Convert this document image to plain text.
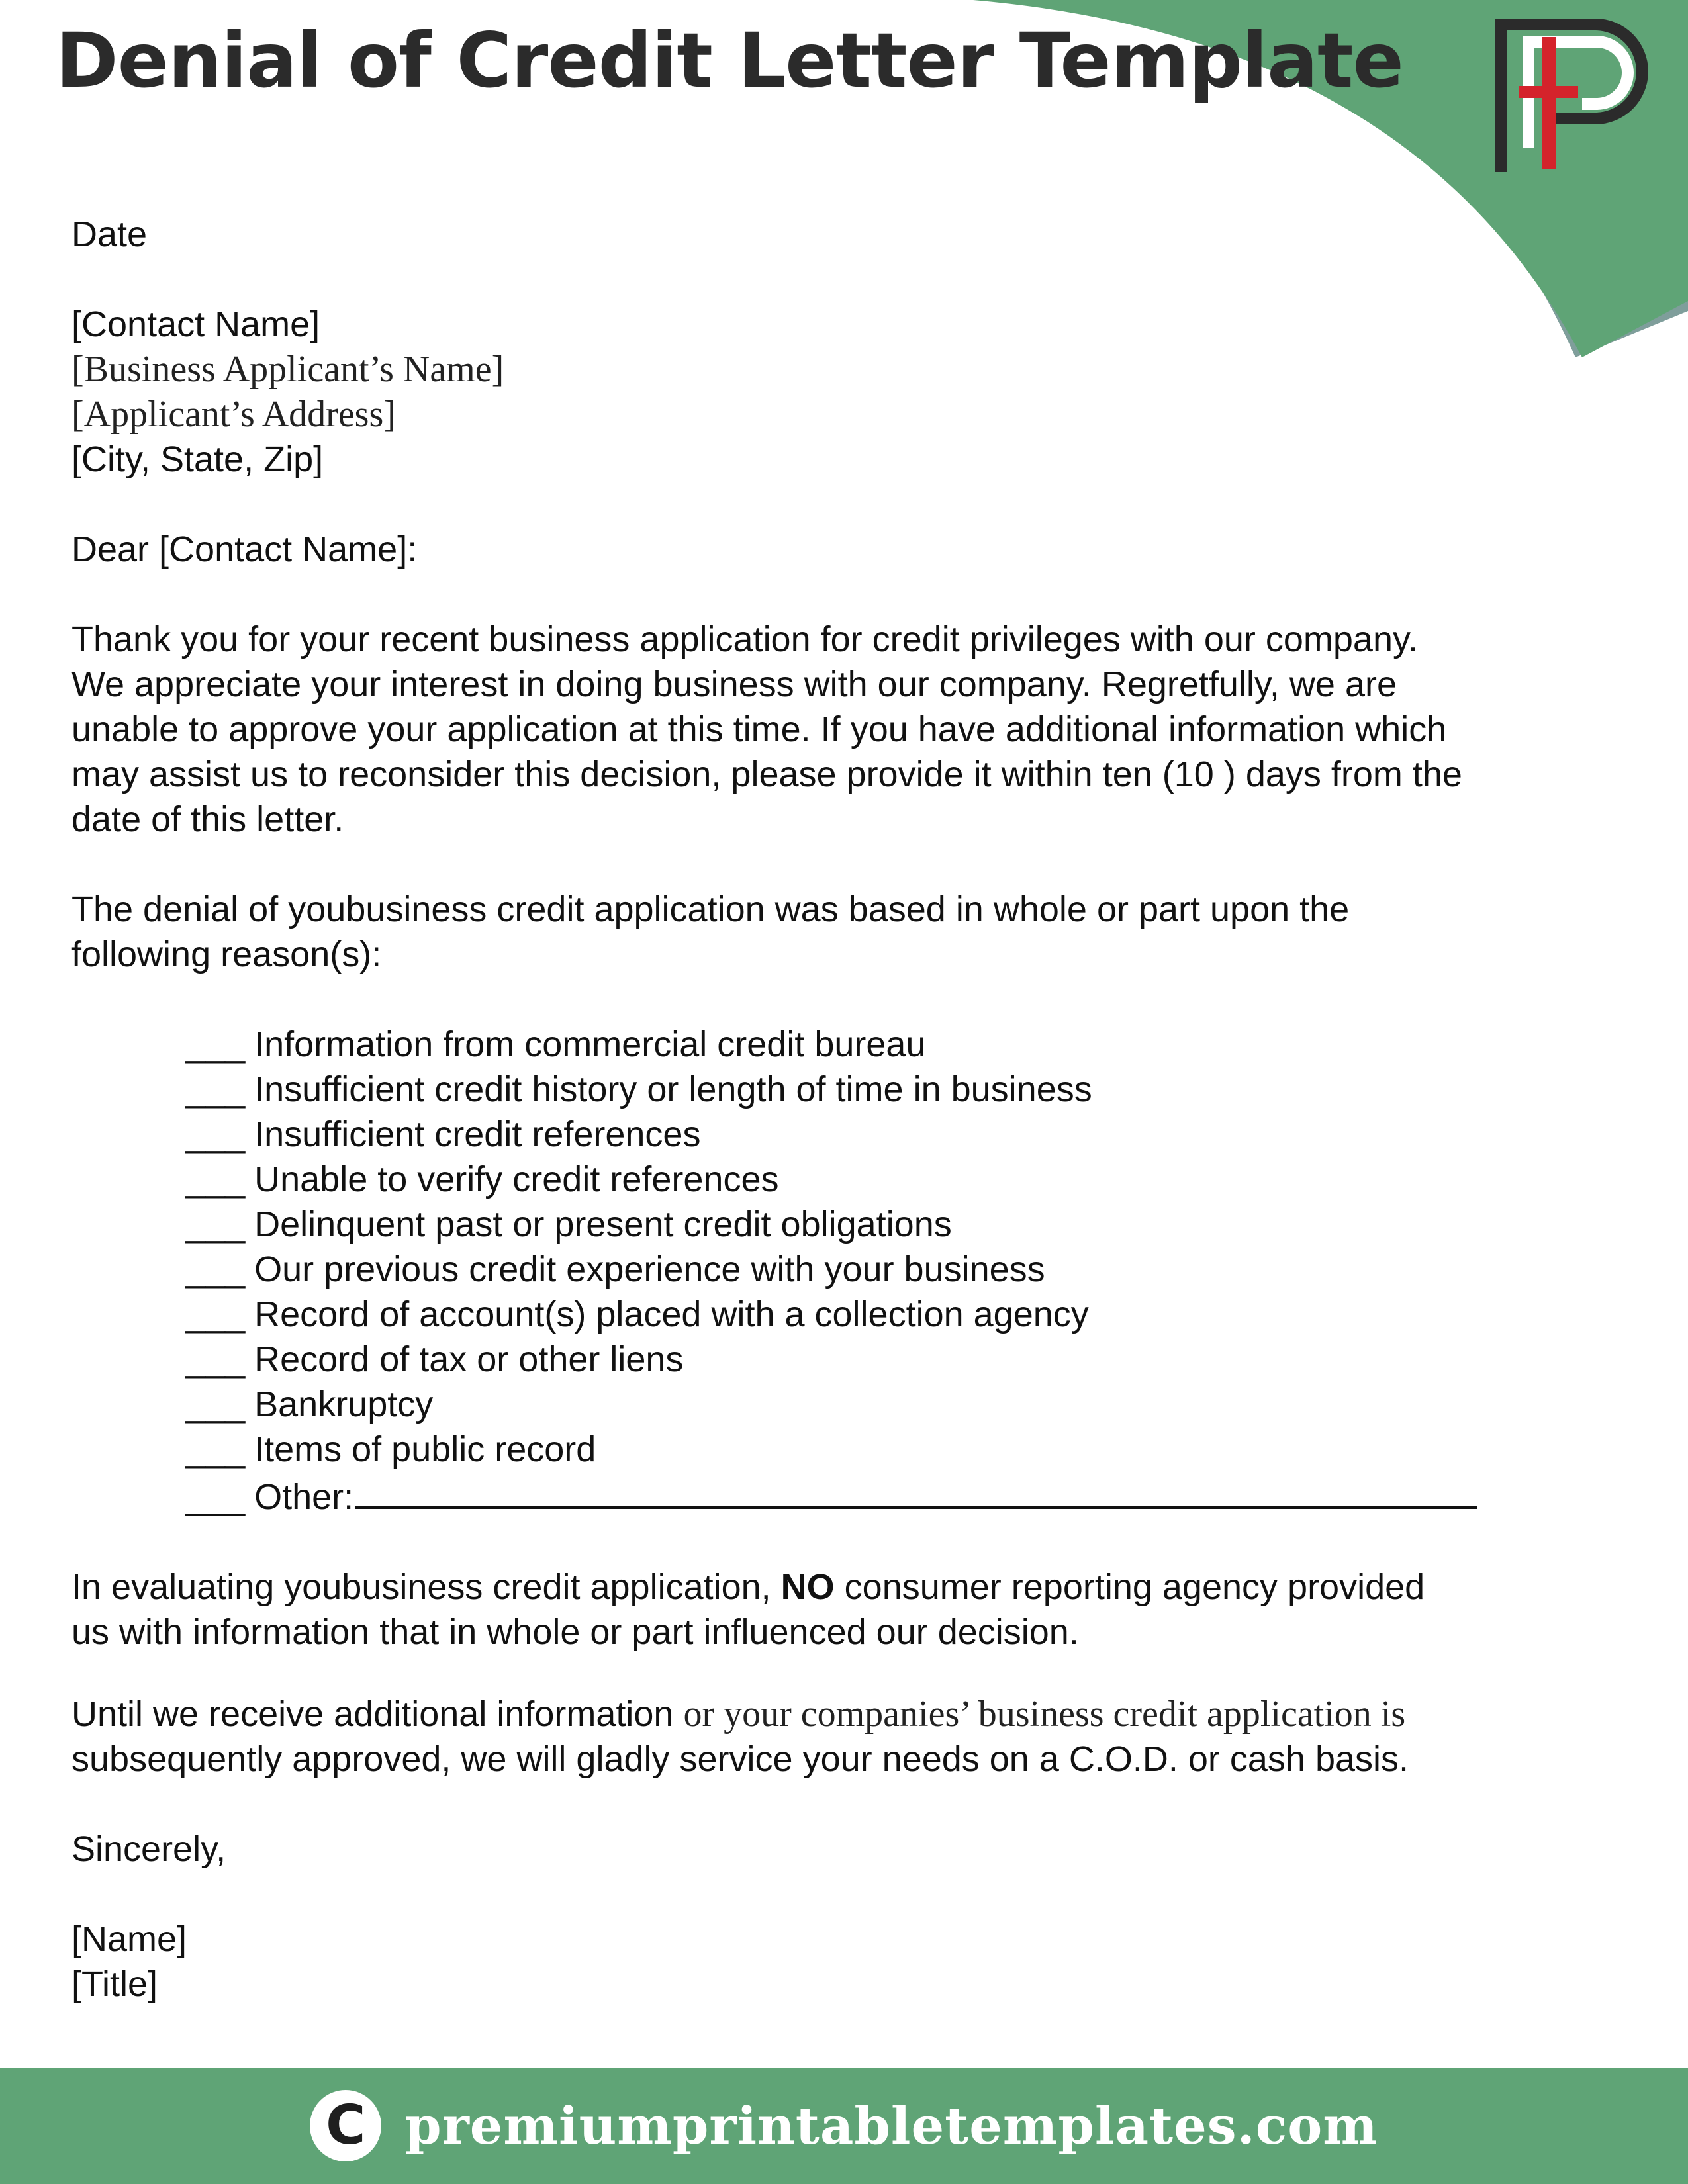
Denial of Credit Letter Template
Date
[Contact Name]
[Business Applicant’s Name]
[Applicant’s Address]
[City, State, Zip]
Dear [Contact Name]:

Thank you for your recent business application for credit privileges with our company.
We appreciate your interest in doing business with our company. Regretfully, we are
unable to approve your application at this time. If you have additional information which
may assist us to reconsider this decision, please provide it within ten (10 ) days from the
date of this letter.

The denial of youbusiness credit application was based in whole or part upon the
following reason(s):

___ Information from commercial credit bureau
___ Insufficient credit history or length of time in business
___ Insufficient credit references
___ Unable to verify credit references
___ Delinquent past or present credit obligations
___ Our previous credit experience with your business
___ Record of account(s) placed with a collection agency
___ Record of tax or other liens
___ Bankruptcy
___ Items of public record
___ Other:

In evaluating youbusiness credit application, NO consumer reporting agency provided
us with information that in whole or part influenced our decision.

Until we receive additional information or your companies’ business credit application is
subsequently approved, we will gladly service your needs on a C.O.D. or cash basis.

Sincerely,
[Name]
[Title]
C premiumprintabletemplates.com
